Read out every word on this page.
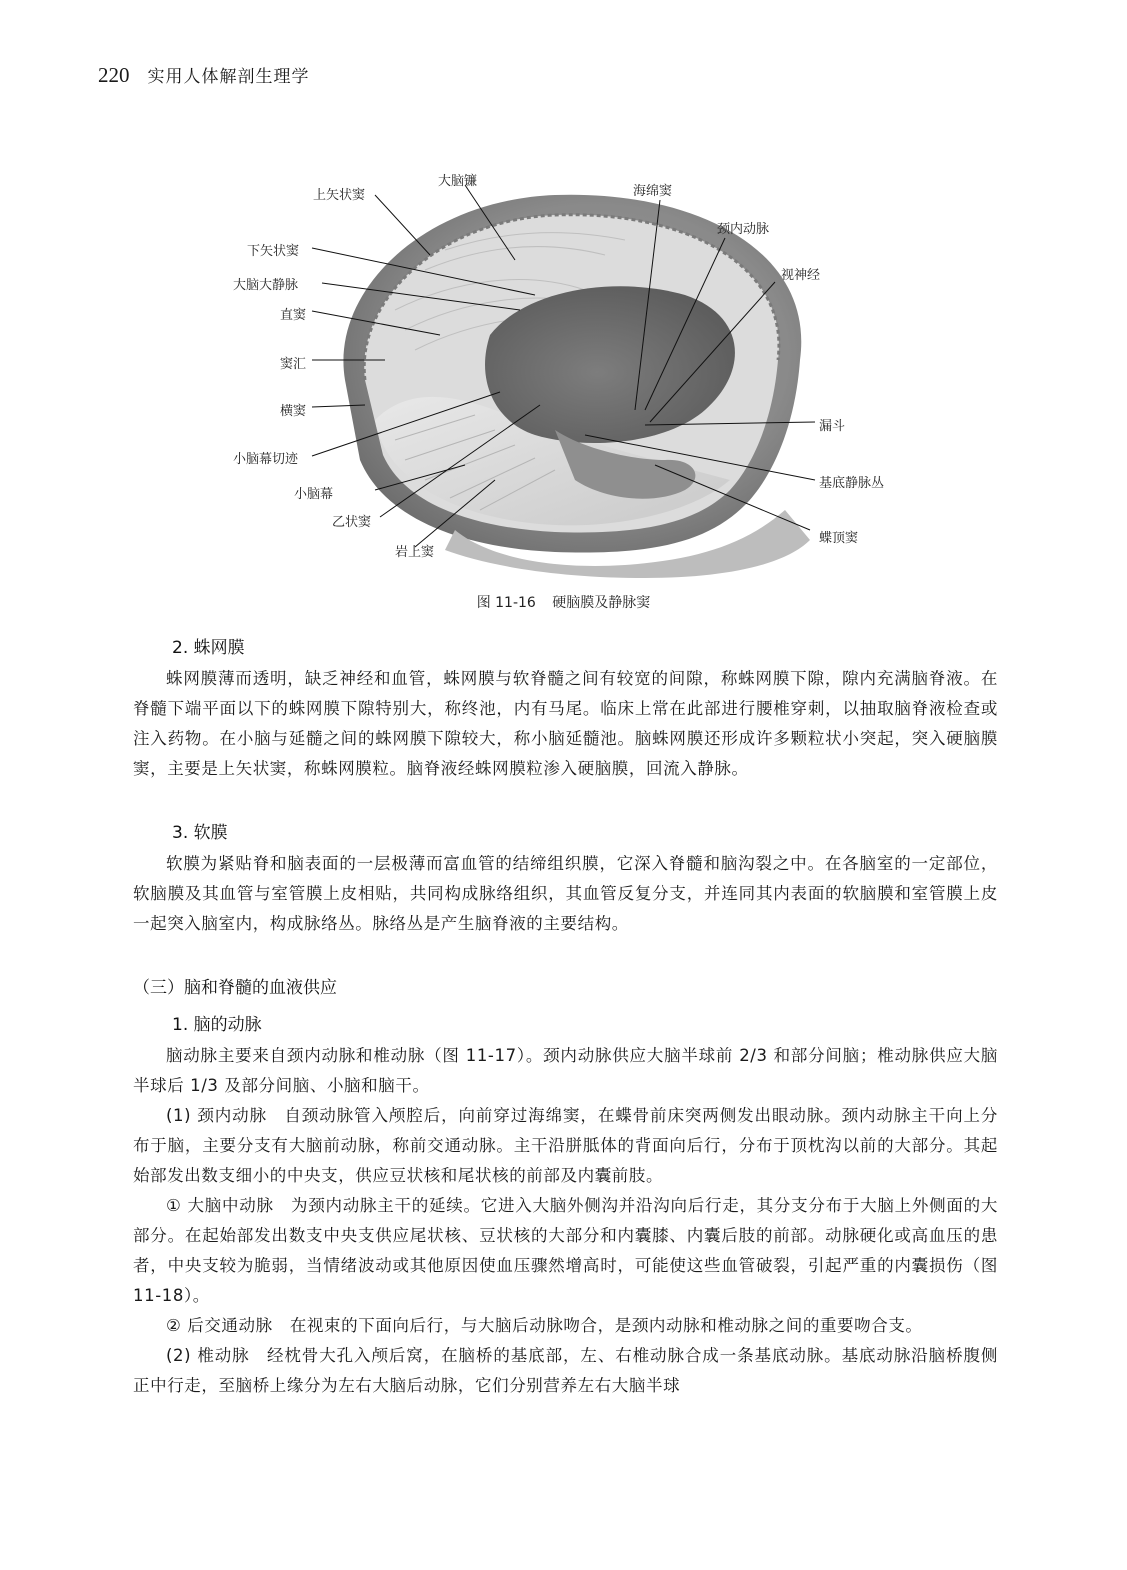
220 实用人体解剖生理学
上矢状窦
大脑镰
海绵窦
颈内动脉
视神经
下矢状窦
大脑大静脉
直窦
窦汇
横窦
小脑幕切迹
小脑幕
乙状窦
岩上窦
漏斗
基底静脉丛
蝶顶窦
图 11-16 硬脑膜及静脉窦
2. 蛛网膜

蛛网膜薄而透明，缺乏神经和血管，蛛网膜与软脊髓之间有较宽的间隙，称蛛网膜下隙，隙内充满脑脊液。在脊髓下端平面以下的蛛网膜下隙特别大，称终池，内有马尾。临床上常在此部进行腰椎穿刺，以抽取脑脊液检查或注入药物。在小脑与延髓之间的蛛网膜下隙较大，称小脑延髓池。脑蛛网膜还形成许多颗粒状小突起，突入硬脑膜窦，主要是上矢状窦，称蛛网膜粒。脑脊液经蛛网膜粒渗入硬脑膜，回流入静脉。

3. 软膜

软膜为紧贴脊和脑表面的一层极薄而富血管的结缔组织膜，它深入脊髓和脑沟裂之中。在各脑室的一定部位，软脑膜及其血管与室管膜上皮相贴，共同构成脉络组织，其血管反复分支，并连同其内表面的软脑膜和室管膜上皮一起突入脑室内，构成脉络丛。脉络丛是产生脑脊液的主要结构。

（三）脑和脊髓的血液供应
1. 脑的动脉

脑动脉主要来自颈内动脉和椎动脉（图 11-17）。颈内动脉供应大脑半球前 2/3 和部分间脑；椎动脉供应大脑半球后 1/3 及部分间脑、小脑和脑干。

(1) 颈内动脉　自颈动脉管入颅腔后，向前穿过海绵窦，在蝶骨前床突两侧发出眼动脉。颈内动脉主干向上分布于脑，主要分支有大脑前动脉，称前交通动脉。主干沿胼胝体的背面向后行，分布于顶枕沟以前的大部分。其起始部发出数支细小的中央支，供应豆状核和尾状核的前部及内囊前肢。

① 大脑中动脉　为颈内动脉主干的延续。它进入大脑外侧沟并沿沟向后行走，其分支分布于大脑上外侧面的大部分。在起始部发出数支中央支供应尾状核、豆状核的大部分和内囊膝、内囊后肢的前部。动脉硬化或高血压的患者，中央支较为脆弱，当情绪波动或其他原因使血压骤然增高时，可能使这些血管破裂，引起严重的内囊损伤（图 11-18）。

② 后交通动脉　在视束的下面向后行，与大脑后动脉吻合，是颈内动脉和椎动脉之间的重要吻合支。

(2) 椎动脉　经枕骨大孔入颅后窝，在脑桥的基底部，左、右椎动脉合成一条基底动脉。基底动脉沿脑桥腹侧正中行走，至脑桥上缘分为左右大脑后动脉，它们分别营养左右大脑半球
